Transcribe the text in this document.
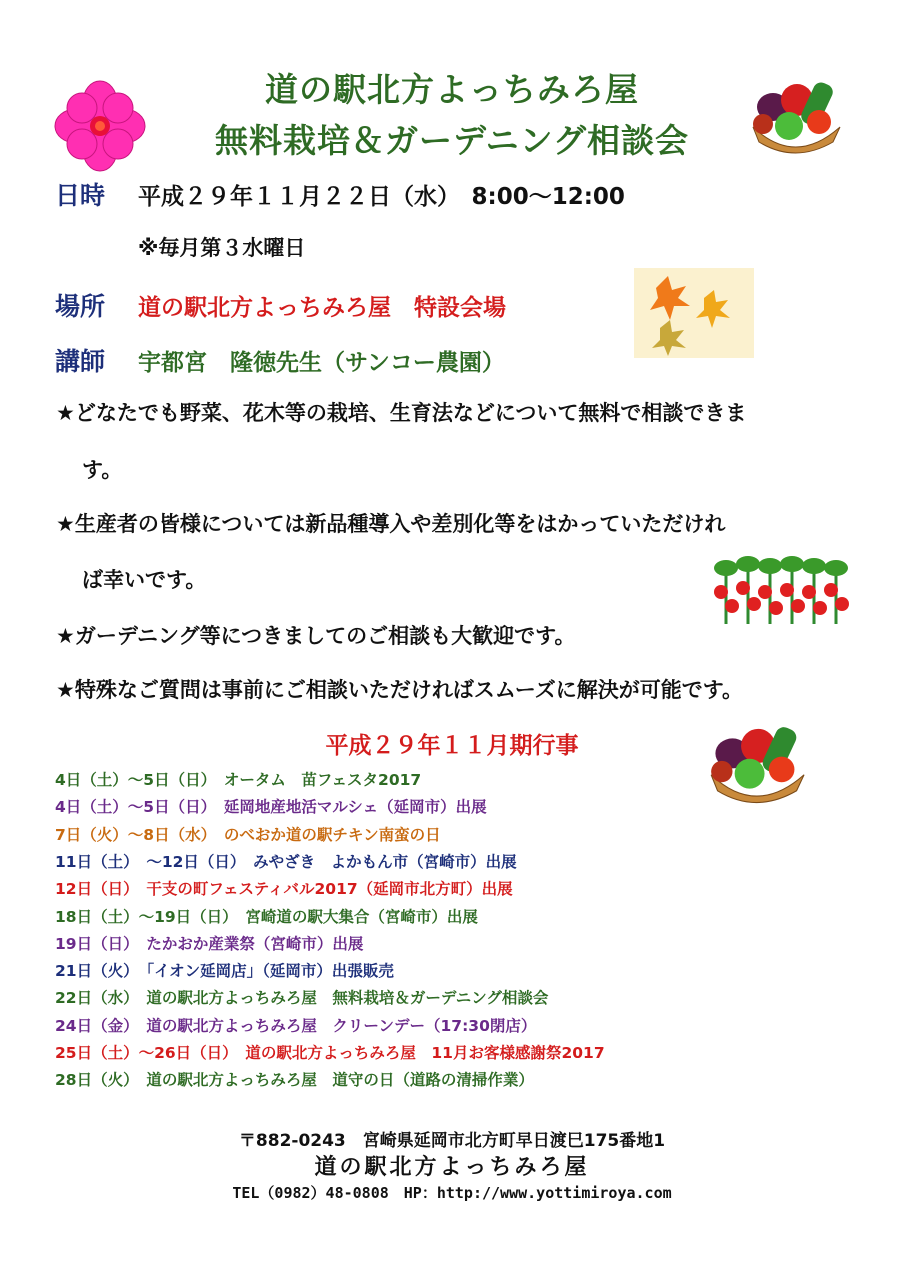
道の駅北方よっちみろ屋
無料栽培＆ガーデニング相談会
日時 平成２９年１１月２２日（水）　8:00～12:00
※毎月第３水曜日
場所 道の駅北方よっちみろ屋　特設会場
講師 宇都宮　隆徳先生（サンコー農園）
★どなたでも野菜、花木等の栽培、生育法などについて無料で相談できま
す。
★生産者の皆様については新品種導入や差別化等をはかっていただけれ
ば幸いです。
★ガーデニング等につきましてのご相談も大歓迎です。
★特殊なご質問は事前にご相談いただければスムーズに解決が可能です。
平成２９年１１月期行事
4日（土）～5日（日）　オータム　苗フェスタ2017
4日（土）～5日（日）　延岡地産地活マルシェ（延岡市）出展
7日（火）～8日（水）　のべおか道の駅チキン南蛮の日
11日（土）　～12日（日）　みやざき　よかもん市（宮崎市）出展
12日（日）　干支の町フェスティバル2017（延岡市北方町）出展
18日（土）～19日（日）　宮崎道の駅大集合（宮崎市）出展
19日（日）　たかおか産業祭（宮崎市）出展
21日（火）　「イオン延岡店」（延岡市）出張販売
22日（水）　道の駅北方よっちみろ屋　無料栽培＆ガーデニング相談会
24日（金）　道の駅北方よっちみろ屋　クリーンデー（17:30閉店）
25日（土）～26日（日）　道の駅北方よっちみろ屋　11月お客様感謝祭2017
28日（火）　道の駅北方よっちみろ屋　道守の日（道路の清掃作業）
〒882-0243　宮崎県延岡市北方町早日渡巳175番地1
道の駅北方よっちみろ屋
TEL（0982）48-0808　HP：http://www.yottimiroya.com
